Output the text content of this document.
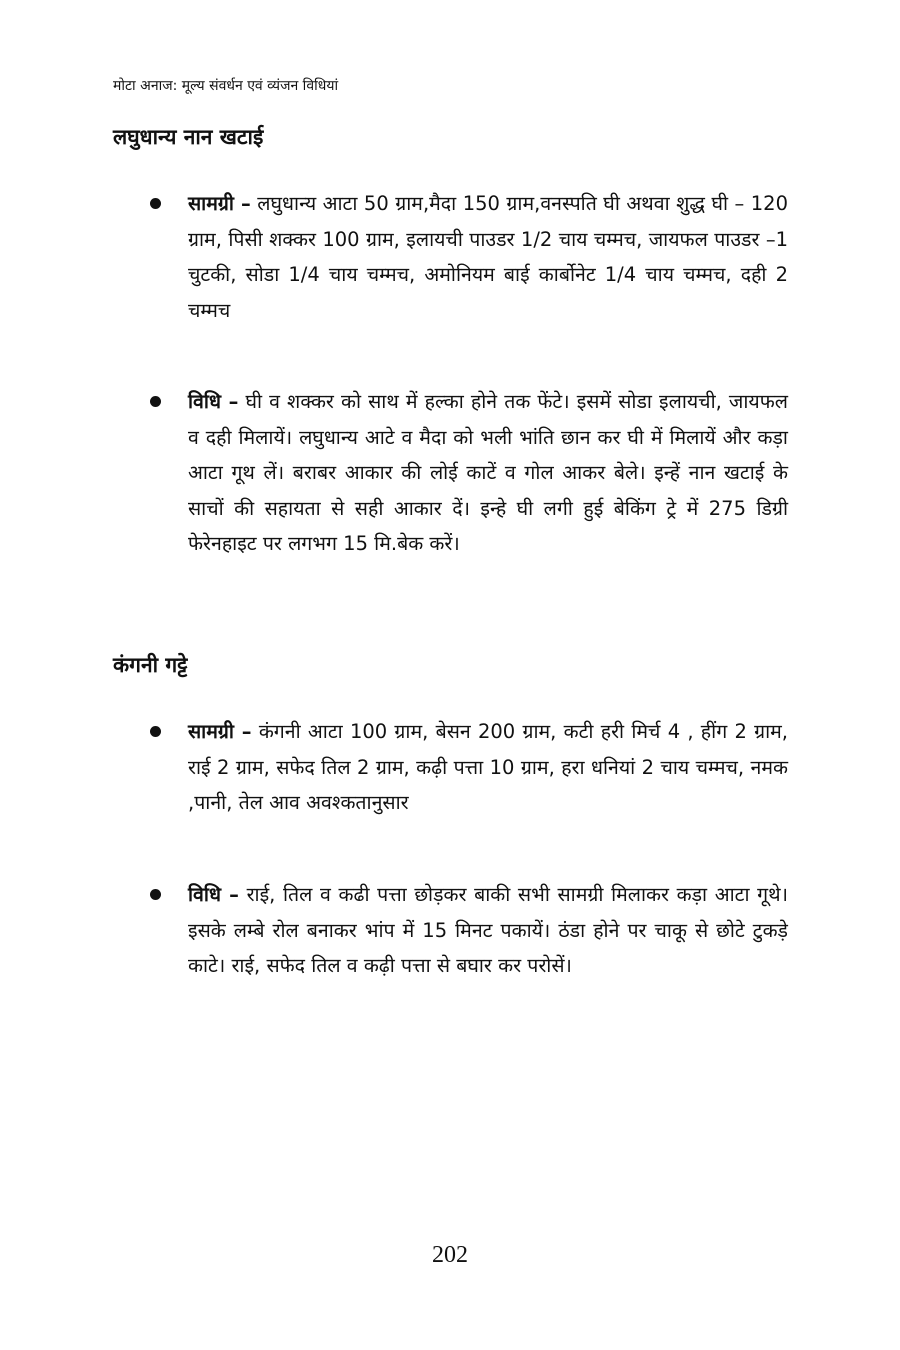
मोटा अनाज: मूल्य संवर्धन एवं व्यंजन विधियां
लघुधान्य नान खटाई
सामग्री – लघुधान्य आटा 50 ग्राम,मैदा 150 ग्राम,वनस्पति घी अथवा शुद्ध घी – 120 ग्राम, पिसी शक्कर 100 ग्राम, इलायची पाउडर 1/2 चाय चम्मच, जायफल पाउडर –1 चुटकी, सोडा 1/4 चाय चम्मच, अमोनियम बाई कार्बोनेट 1/4 चाय चम्मच, दही 2 चम्मच
विधि – घी व शक्कर को साथ में हल्का होने तक फेंटे। इसमें सोडा इलायची, जायफल व दही मिलायें। लघुधान्य आटे व मैदा को भली भांति छान कर घी में मिलायें और कड़ा आटा गूथ लें। बराबर आकार की लोई काटें व गोल आकर बेले। इन्हें नान खटाई के साचों की सहायता से सही आकार दें। इन्हे घी लगी हुई बेकिंग ट्रे में 275 डिग्री फेरेनहाइट पर लगभग 15 मि.बेक करें।
कंगनी गट्टे
सामग्री – कंगनी आटा 100 ग्राम, बेसन 200 ग्राम, कटी हरी मिर्च 4 , हींग 2 ग्राम, राई 2 ग्राम, सफेद तिल 2 ग्राम, कढ़ी पत्ता 10 ग्राम, हरा धनियां 2 चाय चम्मच, नमक ,पानी, तेल आव अवश्कतानुसार
विधि – राई, तिल व कढी पत्ता छोड़कर बाकी सभी सामग्री मिलाकर कड़ा आटा गूथे। इसके लम्बे रोल बनाकर भांप में 15 मिनट पकायें। ठंडा होने पर चाकू से छोटे टुकड़े काटे। राई, सफेद तिल व कढ़ी पत्ता से बघार कर परोसें।
202
